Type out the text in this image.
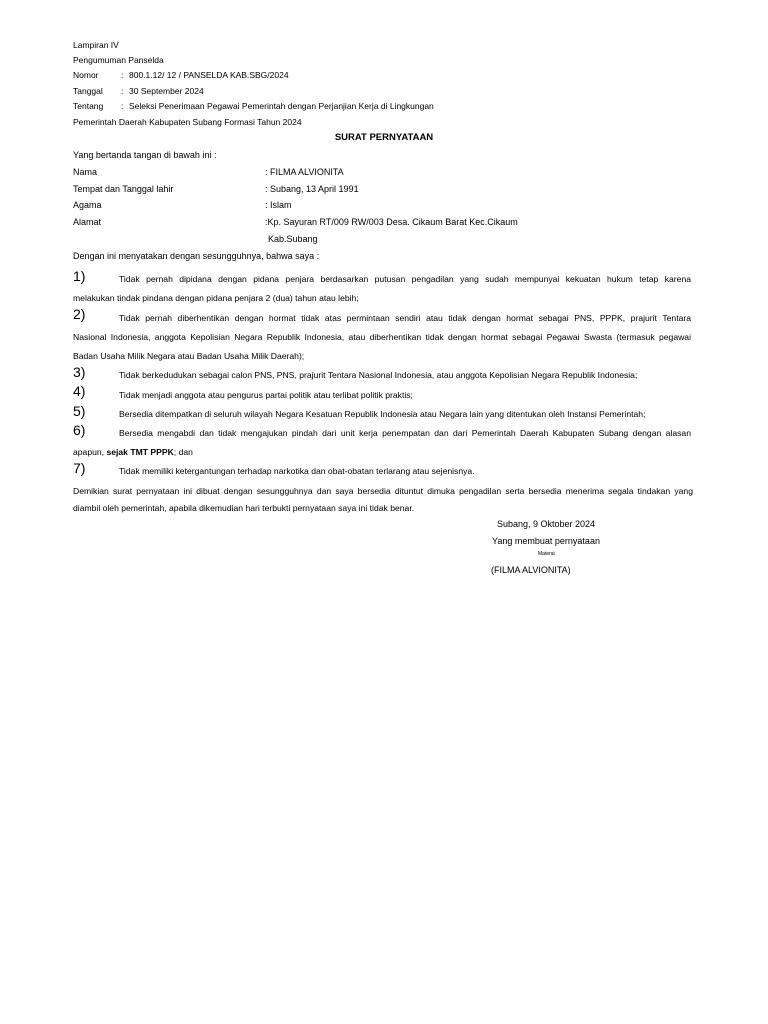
Lampiran IV
Pengumuman Panselda
Nomor	: 800.1.12/ 12 / PANSELDA KAB.SBG/2024
Tanggal : 30 September 2024
Tentang : Seleksi Penerimaan Pegawai Pemerintah dengan Perjanjian Kerja di Lingkungan
Pemerintah Daerah Kabupaten Subang Formasi Tahun 2024
SURAT PERNYATAAN
Yang bertanda tangan di bawah ini :
Nama	: FILMA ALVIONITA
Tempat dan Tanggal lahir	: Subang, 13 April 1991
Agama	: Islam
Alamat	:Kp. Sayuran RT/009 RW/003 Desa. Cikaum Barat Kec.Cikaum
Kab.Subang
Dengan ini menyatakan dengan sesungguhnya, bahwa saya :
1)	Tidak pernah dipidana dengan pidana penjara berdasarkan putusan pengadilan yang sudah mempunyai kekuatan hukum tetap karena
melakukan tindak pindana dengan pidana penjara 2 (dua) tahun atau lebih;
2)	Tidak pernah diberhentikan dengan hormat tidak atas permintaan sendiri atau tidak dengan hormat sebagai PNS, PPPK, prajurit Tentara
Nasional Indonesia, anggota Kepolisian Negara Republik Indonesia, atau diberhentikan tidak dengan hormat sebagai Pegawai Swasta (termasuk pegawai
Badan Usaha Milik Negara atau Badan Usaha Milik Daerah);
3)	Tidak berkedudukan sebagai calon PNS, PNS, prajurit Tentara Nasional Indonesia, atau anggota Kepolisian Negara Republik Indonesia;
4)	Tidak menjadi anggota atau pengurus partai politik atau terlibat politik praktis;
5)	Bersedia ditempatkan di seluruh wilayah Negara Kesatuan Republik Indonesia atau Negara lain yang ditentukan oleh Instansi Pemerintah;
6)	Bersedia mengabdi dan tidak mengajukan pindah dari unit kerja penempatan dan dari Pemerintah Daerah Kabupaten Subang dengan alasan
apapun, sejak TMT PPPK; dan
7)	Tidak memiliki ketergantungan terhadap narkotika dan obat-obatan terlarang atau sejenisnya.
Demikian surat pernyataan ini dibuat dengan sesungguhnya dan saya bersedia dituntut dimuka pengadilan serta bersedia menerima segala tindakan yang
diambil oleh pemerintah, apabila dikemudian hari terbukti pernyataan saya ini tidak benar.
Subang, 9 Oktober 2024
Yang membuat pernyataan
Materai
(FILMA ALVIONITA)
